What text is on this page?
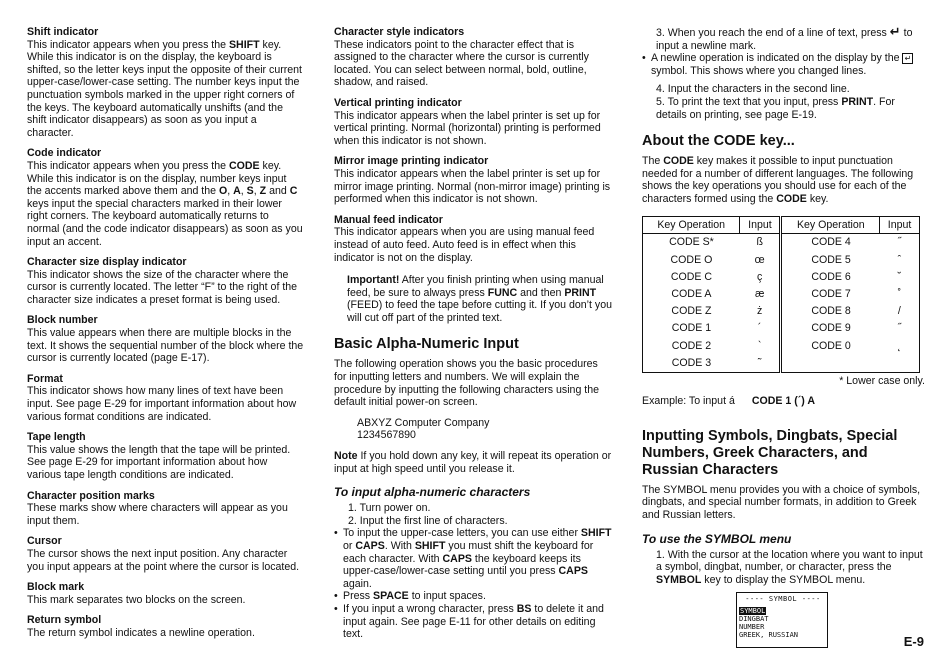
Shift indicator

This indicator appears when you press the SHIFT key. While this indicator is on the display, the keyboard is shifted, so the letter keys input the opposite of their current upper-case/lower-case setting. The number keys input the punctuation symbols marked in the upper right corners of the keys. The keyboard automatically unshifts (and the shift indicator disappears) as soon as you input a character.

Code indicator

This indicator appears when you press the CODE key. While this indicator is on the display, number keys input the accents marked above them and the O, A, S, Z and C keys input the special characters marked in their lower right corners. The keyboard automatically returns to normal (and the code indicator disappears) as soon as you input an accent.

Character size display indicator

This indicator shows the size of the character where the cursor is currently located. The letter “F” to the right of the character size indicates a preset format is being used.

Block number

This value appears when there are multiple blocks in the text. It shows the sequential number of the block where the cursor is currently located (page E-17).

Format

This indicator shows how many lines of text have been input. See page E-29 for important information about how various format conditions are indicated.

Tape length

This value shows the length that the tape will be printed. See page E-29 for important information about how various tape length conditions are indicated.

Character position marks

These marks show where characters will appear as you input them.

Cursor

The cursor shows the next input position. Any character you input appears at the point where the cursor is located.

Block mark

This mark separates two blocks on the screen.

Return symbol

The return symbol indicates a newline operation.

Character style indicators

These indicators point to the character effect that is assigned to the character where the cursor is currently located. You can select between normal, bold, outline, shadow, and raised.

Vertical printing indicator

This indicator appears when the label printer is set up for vertical printing. Normal (horizontal) printing is performed when this indicator is not shown.

Mirror image printing indicator

This indicator appears when the label printer is set up for mirror image printing. Normal (non-mirror image) printing is performed when this indicator is not shown.

Manual feed indicator

This indicator appears when you are using manual feed instead of auto feed. Auto feed is in effect when this indicator is not on the display.

Important! After you finish printing when using manual feed, be sure to always press FUNC and then PRINT (FEED) to feed the tape before cutting it. If you don’t you will cut off part of the printed text.

Basic Alpha-Numeric Input

The following operation shows you the basic procedures for inputting letters and numbers. We will explain the procedure by inputting the following characters using the default initial power-on screen.

ABXYZ Computer Company
1234567890

Note If you hold down any key, it will repeat its operation or input at high speed until you release it.

To input alpha-numeric characters
1. Turn power on.
2. Input the first line of characters.
• To input the upper-case letters, you can use either SHIFT or CAPS. With SHIFT you must shift the keyboard for each character. With CAPS the keyboard keeps its upper-case/lower-case setting until you press CAPS again.
• Press SPACE to input spaces.
• If you input a wrong character, press BS to delete it and input again. See page E-11 for other details on editing text.
3. When you reach the end of a line of text, press ↵ to input a newline mark.
• A newline operation is indicated on the display by the ↵ symbol. This shows where you changed lines.
4. Input the characters in the second line.
5. To print the text that you input, press PRINT. For details on printing, see page E-19.
About the CODE key...

The CODE key makes it possible to input punctuation needed for a number of different languages. The following shows the key operations you should use for each of the characters formed using the CODE key.

Key Operation	Input	Key Operation	Input
CODE S*	ß	CODE 4	˝
CODE O	œ	CODE 5	ˆ
CODE C	ç	CODE 6	˘
CODE A	æ	CODE 7	˚
CODE Z	ż	CODE 8	/
CODE 1	´	CODE 9	˝
CODE 2	`	CODE 0	˛
CODE 3	˜		
* Lower case only.
Example: To input á CODE 1 (´) A
Inputting Symbols, Dingbats, Special Numbers, Greek Characters, and Russian Characters

The SYMBOL menu provides you with a choice of symbols, dingbats, and special number formats, in addition to Greek and Russian letters.

To use the SYMBOL menu
1. With the cursor at the location where you want to input a symbol, dingbat, number, or character, press the SYMBOL key to display the SYMBOL menu.
---- SYMBOL ----
SYMBOL
DINGBAT
NUMBER
GREEK, RUSSIAN	E-9
